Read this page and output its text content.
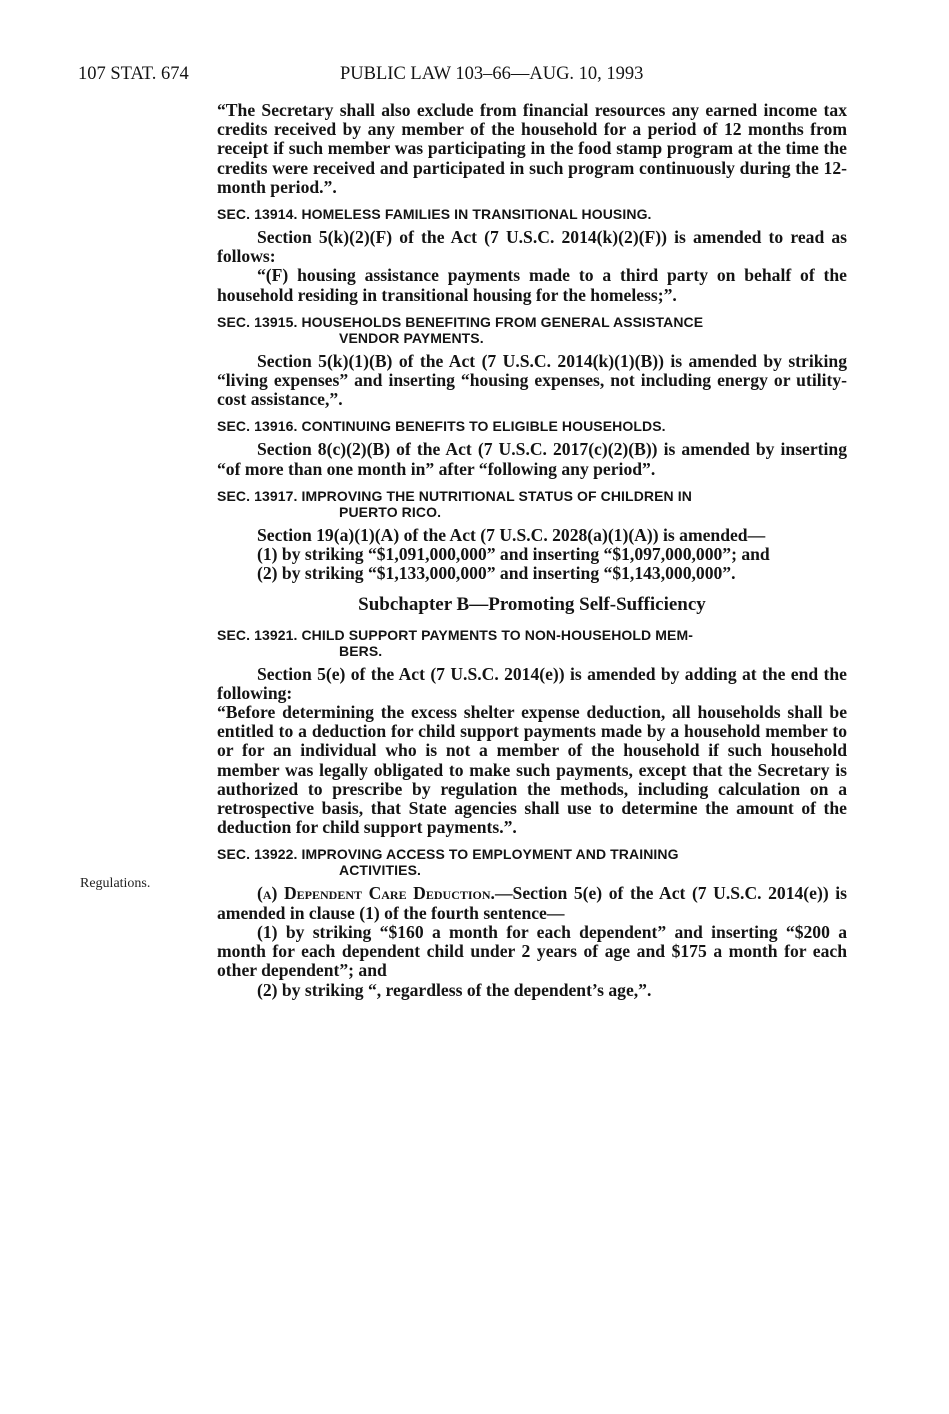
107 STAT. 674	PUBLIC LAW 103–66—AUG. 10, 1993
Regulations.

“The Secretary shall also exclude from financial resources any earned income tax credits received by any member of the household for a period of 12 months from receipt if such member was participating in the food stamp program at the time the credits were received and participated in such program continuously during the 12-month period.”.

SEC. 13914. HOMELESS FAMILIES IN TRANSITIONAL HOUSING.

Section 5(k)(2)(F) of the Act (7 U.S.C. 2014(k)(2)(F)) is amended to read as follows:

“(F) housing assistance payments made to a third party on behalf of the household residing in transitional housing for the homeless;”.

SEC. 13915. HOUSEHOLDS BENEFITING FROM GENERAL ASSISTANCE
VENDOR PAYMENTS.

Section 5(k)(1)(B) of the Act (7 U.S.C. 2014(k)(1)(B)) is amended by striking “living expenses” and inserting “housing expenses, not including energy or utility-cost assistance,”.

SEC. 13916. CONTINUING BENEFITS TO ELIGIBLE HOUSEHOLDS.

Section 8(c)(2)(B) of the Act (7 U.S.C. 2017(c)(2)(B)) is amended by inserting “of more than one month in” after “following any period”.

SEC. 13917. IMPROVING THE NUTRITIONAL STATUS OF CHILDREN IN
PUERTO RICO.

Section 19(a)(1)(A) of the Act (7 U.S.C. 2028(a)(1)(A)) is amended—

(1) by striking “$1,091,000,000” and inserting “$1,097,000,000”; and

(2) by striking “$1,133,000,000” and inserting “$1,143,000,000”.

Subchapter B—Promoting Self-Sufficiency
SEC. 13921. CHILD SUPPORT PAYMENTS TO NON-HOUSEHOLD MEM-
BERS.

Section 5(e) of the Act (7 U.S.C. 2014(e)) is amended by adding at the end the following:

“Before determining the excess shelter expense deduction, all households shall be entitled to a deduction for child support payments made by a household member to or for an individual who is not a member of the household if such household member was legally obligated to make such payments, except that the Secretary is authorized to prescribe by regulation the methods, including calculation on a retrospective basis, that State agencies shall use to determine the amount of the deduction for child support payments.”.

SEC. 13922. IMPROVING ACCESS TO EMPLOYMENT AND TRAINING
ACTIVITIES.

(a) Dependent Care Deduction.—Section 5(e) of the Act (7 U.S.C. 2014(e)) is amended in clause (1) of the fourth sentence—

(1) by striking “$160 a month for each dependent” and inserting “$200 a month for each dependent child under 2 years of age and $175 a month for each other dependent”; and

(2) by striking “, regardless of the dependent’s age,”.
